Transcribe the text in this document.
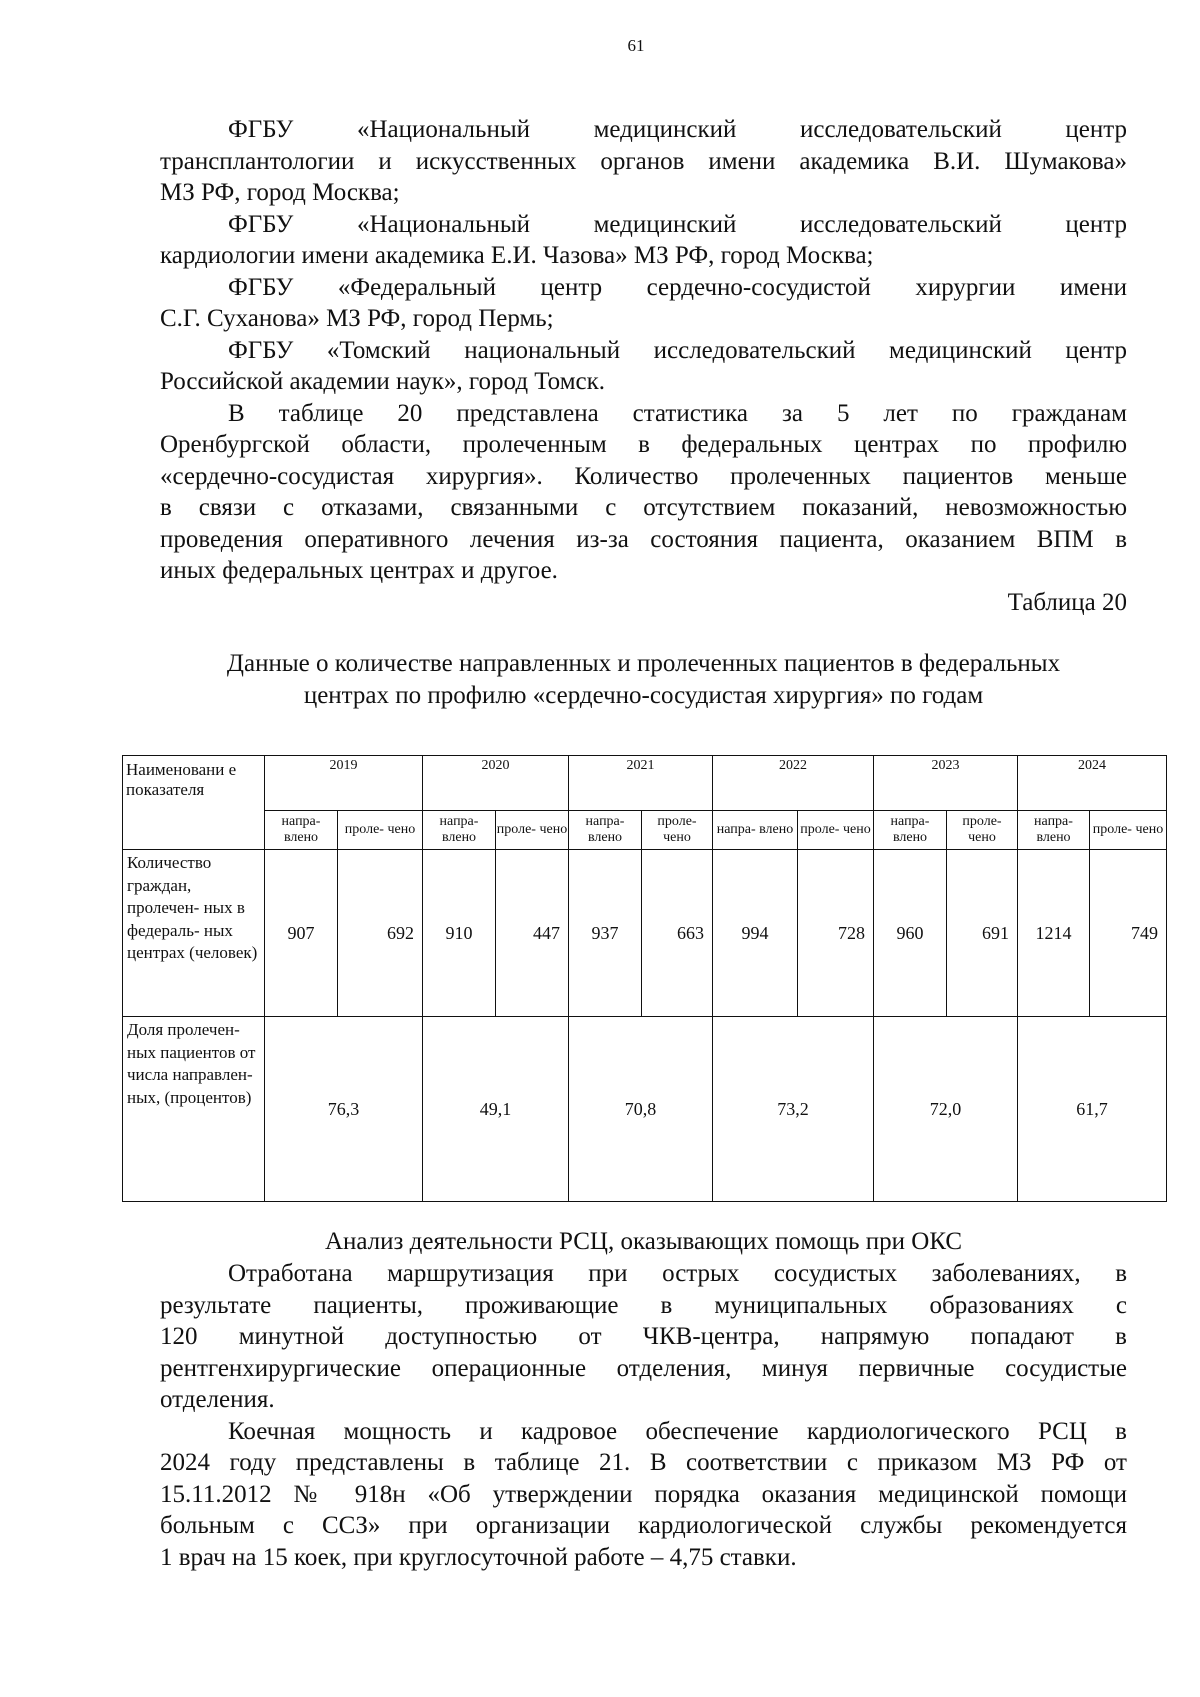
61

ФГБУ «Национальный медицинский исследовательский центр
трансплантологии и искусственных органов имени академика В.И. Шумакова»
МЗ РФ, город Москва;

ФГБУ «Национальный медицинский исследовательский центр
кардиологии имени академика Е.И. Чазова» МЗ РФ, город Москва;

ФГБУ «Федеральный центр сердечно-сосудистой хирургии имени
С.Г. Суханова» МЗ РФ, город Пермь;

ФГБУ «Томский национальный исследовательский медицинский центр
Российской академии наук», город Томск.

В таблице 20 представлена статистика за 5 лет по гражданам
Оренбургской области, пролеченным в федеральных центрах по профилю
«сердечно-сосудистая хирургия». Количество пролеченных пациентов меньше
в связи с отказами, связанными с отсутствием показаний, невозможностью
проведения оперативного лечения из-за состояния пациента, оказанием ВПМ в
иных федеральных центрах и другое.

Таблица 20

Данные о количестве направленных и пролеченных пациентов в федеральных
центрах по профилю «сердечно-сосудистая хирургия» по годам

Наименовани е показателя	2019		2020		2021		2022		2023		2024	
	напра- влено	проле- чено	напра- влено	проле- чено	напра- влено	проле- чено	напра- влено	проле- чено	напра- влено	проле- чено	напра- влено	проле- чено
Количество граждан, пролечен- ных в федераль- ных центрах (человек)	907	692	910	447	937	663	994	728	960	691	1214	749
Доля пролечен- ных пациентов от числа направлен- ных, (процентов)	76,3		49,1		70,8		73,2		72,0		61,7	

Анализ деятельности РСЦ, оказывающих помощь при ОКС

Отработана маршрутизация при острых сосудистых заболеваниях, в
результате пациенты, проживающие в муниципальных образованиях с
120 минутной доступностью от ЧКВ-центра, напрямую попадают в
рентгенхирургические операционные отделения, минуя первичные сосудистые
отделения.

Коечная мощность и кадровое обеспечение кардиологического РСЦ в
2024 году представлены в таблице 21. В соответствии с приказом МЗ РФ от
15.11.2012 № 918н «Об утверждении порядка оказания медицинской помощи
больным с ССЗ» при организации кардиологической службы рекомендуется
1 врач на 15 коек, при круглосуточной работе – 4,75 ставки.
